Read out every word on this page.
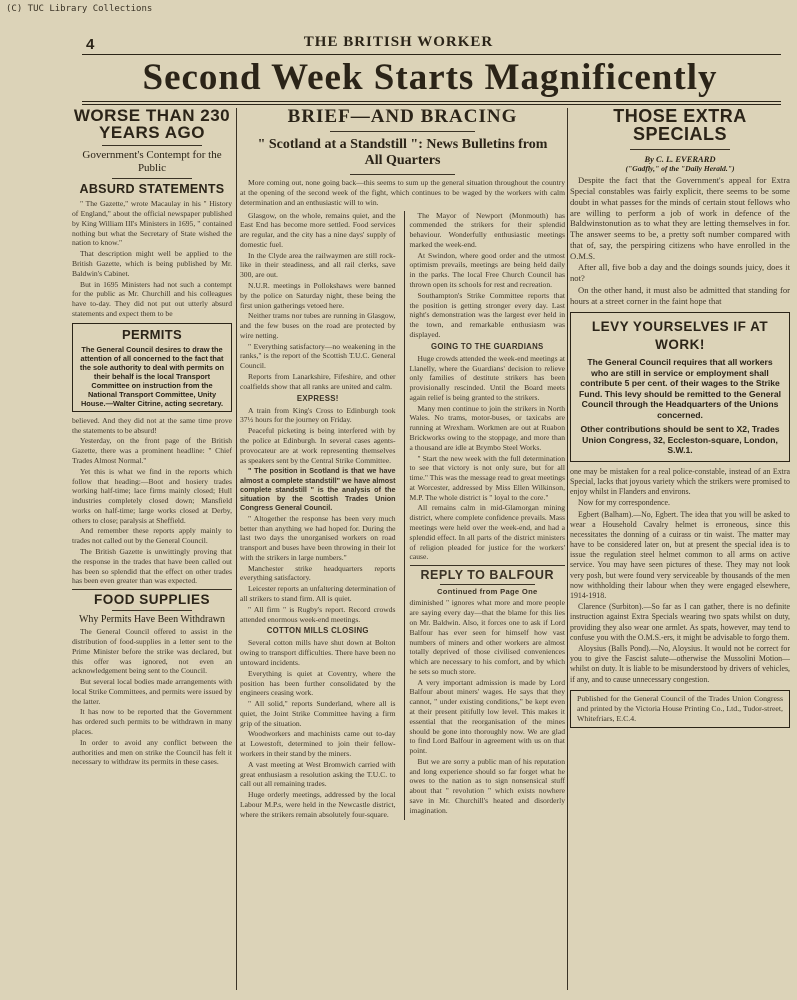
(C) TUC Library Collections
4	THE BRITISH WORKER
Second Week Starts Magnificently
WORSE THAN 230 YEARS AGO
Government's Contempt for the Public
ABSURD STATEMENTS

" The Gazette," wrote Macaulay in his " History of England," about the official newspaper published by King William III's Ministers in 1695, " contained nothing but what the Secretary of State wished the nation to know."

That description might well be applied to the British Gazette, which is being published by Mr. Baldwin's Cabinet.

But in 1695 Ministers had not such a contempt for the public as Mr. Churchill and his colleagues have to-day. They did not put out utterly absurd statements and expect them to be

PERMITS
The General Council desires to draw the attention of all concerned to the fact that the sole authority to deal with permits on their behalf is the local Transport Committee on instruction from the National Transport Committee, Unity House.—Walter Citrine, acting secretary.

believed. And they did not at the same time prove the statements to be absurd!

Yesterday, on the front page of the British Gazette, there was a prominent headline: " Chief Trades Almost Normal."

Yet this is what we find in the reports which follow that heading:—Boot and hosiery trades working half-time; lace firms mainly closed; Hull industries completely closed down; Mansfield works on half-time; large works closed at Derby, others to close; paralysis at Sheffield.

And remember these reports apply mainly to trades not called out by the General Council.

The British Gazette is unwittingly proving that the response in the trades that have been called out has been so splendid that the effect on other trades has been even greater than was expected.

FOOD SUPPLIES
Why Permits Have Been Withdrawn

The General Council offered to assist in the distribution of food-supplies in a letter sent to the Prime Minister before the strike was declared, but this offer was ignored, not even an acknowledgement being sent to the Council.

But several local bodies made arrangements with local Strike Committees, and permits were issued by the latter.

It has now to be reported that the Government has ordered such permits to be withdrawn in many places.

In order to avoid any conflict between the authorities and men on strike the Council has felt it necessary to withdraw its permits in these cases.

BRIEF—AND BRACING
" Scotland at a Standstill ": News Bulletins from All Quarters

More coming out, none going back—this seems to sum up the general situation throughout the country at the opening of the second week of the fight, which continues to be waged by the workers with calm determination and an enthusiastic will to win.

Glasgow, on the whole, remains quiet, and the East End has become more settled. Food services are regular, and the city has a nine days' supply of domestic fuel.

In the Clyde area the railwaymen are still rock-like in their steadiness, and all rail clerks, save 300, are out.

N.U.R. meetings in Pollokshaws were banned by the police on Saturday night, these being the first union gatherings vetoed here.

Neither trams nor tubes are running in Glasgow, and the few buses on the road are protected by wire netting.

" Everything satisfactory—no weakening in the ranks," is the report of the Scottish T.U.C. General Council.

Reports from Lanarkshire, Fifeshire, and other coalfields show that all ranks are united and calm.

EXPRESS!

A train from King's Cross to Edinburgh took 37½ hours for the journey on Friday.

Peaceful picketing is being interfered with by the police at Edinburgh. In several cases agents-provocateur are at work representing themselves as speakers sent by the Central Strike Committee.

" The position in Scotland is that we have almost a complete standstill" we have almost complete standstill " is the analysis of the situation by the Scottish Trades Union Congress General Council.

" Altogether the response has been very much better than anything we had hoped for. During the last two days the unorganised workers on road transport and buses have been throwing in their lot with the strikers in large numbers."

Manchester strike headquarters reports everything satisfactory.

Leicester reports an unfaltering determination of all strikers to stand firm. All is quiet.

" All firm " is Rugby's report. Record crowds attended enormous week-end meetings.

COTTON MILLS CLOSING

Several cotton mills have shut down at Bolton owing to transport difficulties. There have been no untoward incidents.

Everything is quiet at Coventry, where the position has been further consolidated by the engineers ceasing work.

" All solid," reports Sunderland, where all is quiet, the Joint Strike Committee having a firm grip of the situation.

Woodworkers and machinists came out to-day at Lowestoft, determined to join their fellow-workers in their stand by the miners.

A vast meeting at West Bromwich carried with great enthusiasm a resolution asking the T.U.C. to call out all remaining trades.

Huge orderly meetings, addressed by the local Labour M.P.s, were held in the Newcastle district, where the strikers remain absolutely four-square.

The Mayor of Newport (Monmouth) has commended the strikers for their splendid behaviour. Wonderfully enthusiastic meetings marked the week-end.

At Swindon, where good order and the utmost optimism prevails, meetings are being held daily in the parks. The local Free Church Council has thrown open its schools for rest and recreation.

Southampton's Strike Committee reports that the position is getting stronger every day. Last night's demonstration was the largest ever held in the town, and remarkable enthusiasm was displayed.

GOING TO THE GUARDIANS

Huge crowds attended the week-end meetings at Llanelly, where the Guardians' decision to relieve only families of destitute strikers has been provisionally rescinded. Until the Board meets again relief is being granted to the strikers.

Many men continue to join the strikers in North Wales. No trams, motor-buses, or taxicabs are running at Wrexham. Workmen are out at Ruabon Brickworks owing to the stoppage, and more than a thousand are idle at Brymbo Steel Works.

" Start the new week with the full determination to see that victory is not only sure, but for all time." This was the message read to great meetings at Worcester, addressed by Miss Ellen Wilkinson, M.P. The whole district is " loyal to the core."

All remains calm in mid-Glamorgan mining district, where complete confidence prevails. Mass meetings were held over the week-end, and had a splendid effect. In all parts of the district ministers of religion pleaded for justice for the workers' cause.

REPLY TO BALFOUR
Continued from Page One

diminished " ignores what more and more people are saying every day—that the blame for this lies on Mr. Baldwin. Also, it forces one to ask if Lord Balfour has ever seen for himself how vast numbers of miners and other workers are almost totally deprived of those civilised conveniences which are necessary to his comfort, and by which he sets so much store.

A very important admission is made by Lord Balfour about miners' wages. He says that they cannot, " under existing conditions," be kept even at their present pitifully low level. This makes it essential that the reorganisation of the mines should be gone into thoroughly now. We are glad to find Lord Balfour in agreement with us on that point.

But we are sorry a public man of his reputation and long experience should so far forget what he owes to the nation as to sign nonsensical stuff about that " revolution " which exists nowhere save in Mr. Churchill's heated and disorderly imagination.

THOSE EXTRA SPECIALS
By C. L. EVERARD
("Gadfly," of the "Daily Herald.")

Despite the fact that the Government's appeal for Extra Special constables was fairly explicit, there seems to be some doubt in what passes for the minds of certain stout fellows who are willing to perform a job of work in defence of the Baldwinstonution as to what they are letting themselves in for. The answer seems to be, a pretty soft number compared with that of, say, the perspiring citizens who have enrolled in the O.M.S.

After all, five bob a day and the doings sounds juicy, does it not?

On the other hand, it must also be admitted that standing for hours at a street corner in the faint hope that

LEVY YOURSELVES IF AT WORK!
The General Council requires that all workers who are still in service or employment shall contribute 5 per cent. of their wages to the Strike Fund. This levy should be remitted to the General Council through the Headquarters of the Unions concerned.
Other contributions should be sent to X2, Trades Union Congress, 32, Eccleston-square, London, S.W.1.

one may be mistaken for a real police-constable, instead of an Extra Special, lacks that joyous variety which the strikers were promised to enjoy whilst in Flanders and environs.

Now for my correspondence.

Egbert (Balham).—No, Egbert. The idea that you will be asked to wear a Household Cavalry helmet is erroneous, since this necessitates the donning of a cuirass or tin waist. The matter may have to be considered later on, but at present the special idea is to issue the regulation steel helmet common to all arms on active service. You may have seen pictures of these. They may not look very posh, but were found very serviceable by thousands of the men now withholding their labour when they were engaged elsewhere, 1914-1918.

Clarence (Surbiton).—So far as I can gather, there is no definite instruction against Extra Specials wearing two spats whilst on duty, providing they also wear one armlet. As spats, however, may tend to confuse you with the O.M.S.-ers, it might be advisable to forgo them.

Aloysius (Balls Pond).—No, Aloysius. It would not be correct for you to give the Fascist salute—otherwise the Mussolini Motion—whilst on duty. It is liable to be misunderstood by drivers of vehicles, if any, and to cause unnecessary congestion.

Published for the General Council of the Trades Union Congress and printed by the Victoria House Printing Co., Ltd., Tudor-street, Whitefriars, E.C.4.
